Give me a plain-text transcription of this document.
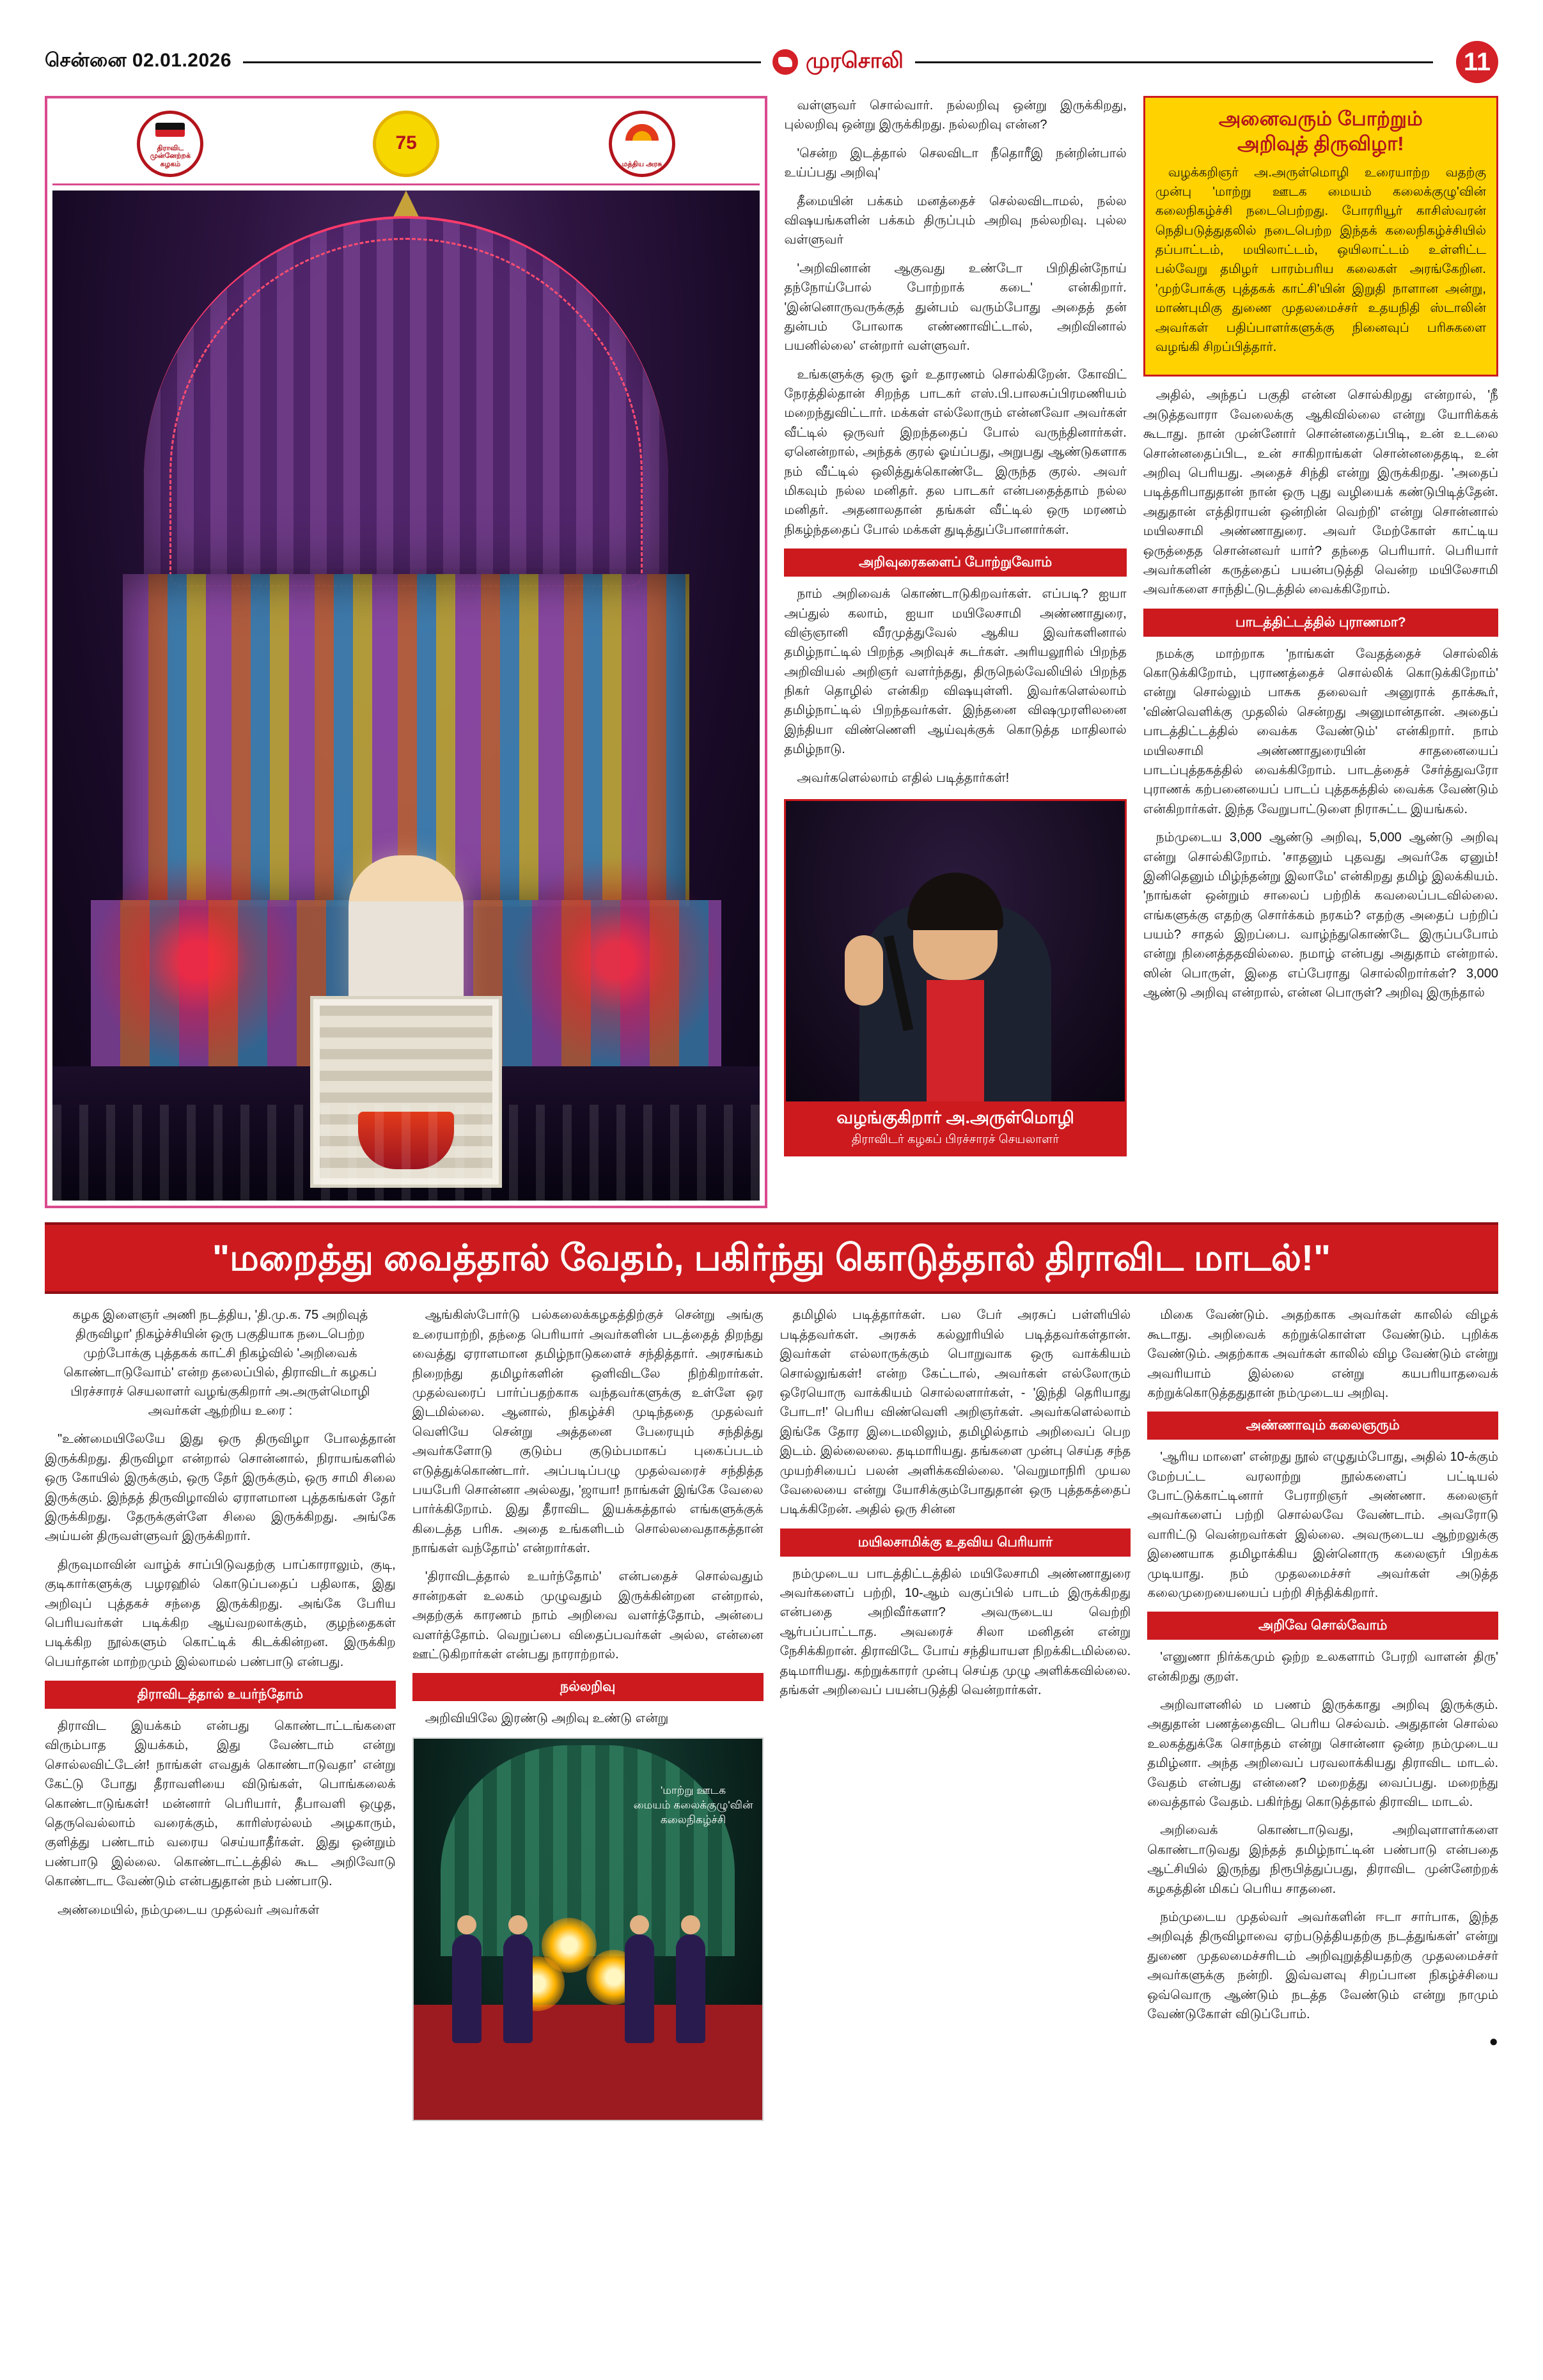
சென்னை 02.01.2026	முரசொலி	11
திராவிட முன்னேற்றக் கழகம்
75
மத்திய அரசு

வள்ளுவர் சொல்வார். நல்லறிவு ஒன்று இருக்கிறது, புல்லறிவு ஒன்று இருக்கிறது. நல்லறிவு என்ன?

'சென்ற இடத்தால் செலவிடா நீதொரீஇ நன்றின்பால் உய்ப்பது அறிவு'

தீமையின் பக்கம் மனத்தைச் செல்லவிடாமல், நல்ல விஷயங்களின் பக்கம் திருப்பும் அறிவு நல்லறிவு. புல்ல வள்ளுவர்

'அறிவினான் ஆகுவது உண்டோ பிறிதின்நோய் தந்நோய்போல் போற்றாக் கடை' என்கிறார். 'இன்னொருவருக்குத் துன்பம் வரும்போது அதைத் தன் துன்பம் போலாக எண்ணாவிட்டால், அறிவினால் பயனில்லை' என்றார் வள்ளுவர்.

உங்களுக்கு ஒரு ஓர் உதாரணம் சொல்கிறேன். கோவிட் நேரத்தில்தான் சிறந்த பாடகர் எஸ்.பி.பாலசுப்பிரமணியம் மறைந்துவிட்டார். மக்கள் எல்லோரும் என்னவோ அவர்கள் வீட்டில் ஒருவர் இறந்ததைப் போல் வருந்தினார்கள். ஏனென்றால், அந்தக் குரல் ஓய்ப்பது, அறுபது ஆண்டுகளாக நம் வீட்டில் ஒலித்துக்கொண்டே இருந்த குரல். அவர் மிகவும் நல்ல மனிதர். தல பாடகர் என்பதைத்தாம் நல்ல மனிதர். அதனாலதான் தங்கள் வீட்டில் ஒரு மரணம் நிகழ்ந்ததைப் போல் மக்கள் துடித்துப்போனார்கள்.

அறிவுரைகளைப் போற்றுவோம்

நாம் அறிவைக் கொண்டாடுகிறவர்கள். எப்படி? ஐயா அப்துல் கலாம், ஐயா மயிலேசாமி அண்ணாதுரை, விஞ்ஞானி வீரமுத்துவேல் ஆகிய இவர்களினால் தமிழ்நாட்டில் பிறந்த அறிவுச் சுடர்கள். அரியலூரில் பிறந்த அறிவியல் அறிஞர் வளர்ந்தது, திருநெல்வேலியில் பிறந்த நிகர் தொழில் என்கிற விஷயுள்ளி. இவர்களெல்லாம் தமிழ்நாட்டில் பிறந்தவர்கள். இந்தனை விஷமுரளிலனை இந்தியா விண்ணெளி ஆய்வுக்குக் கொடுத்த மாதிலால் தமிழ்நாடு.

அவர்களெல்லாம் எதில் படித்தார்கள்!

வழங்குகிறார் அ.அருள்மொழி
திராவிடர் கழகப் பிரச்சாரச் செயலாளர்
அனைவரும் போற்றும்
அறிவுத் திருவிழா!

வழக்கறிஞர் அ.அருள்மொழி உரையாற்ற வதற்கு முன்பு 'மாற்று ஊடக மையம் கலைக்குழு'வின் கலைநிகழ்ச்சி நடைபெற்றது. போரரியூர் காசிஸ்வரன் நெதிபடுத்துதலில் நடைபெற்ற இந்தக் கலைநிகழ்ச்சியில் தப்பாட்டம், மயிலாட்டம், ஒயிலாட்டம் உள்ளிட்ட பல்வேறு தமிழர் பாரம்பரிய கலைகள் அரங்கேறின. 'முற்போக்கு புத்தகக் காட்சி'யின் இறுதி நாளான அன்று, மாண்புமிகு துணை முதலமைச்சர் உதயநிதி ஸ்டாலின் அவர்கள் பதிப்பாளர்களுக்கு நினைவுப் பரிசுகளை வழங்கி சிறப்பித்தார்.

அதில், அந்தப் பகுதி என்ன சொல்கிறது என்றால், 'நீ அடுத்தவாரா வேலைக்கு ஆகிவில்லை என்று யோரிக்கக் கூடாது. நான் முன்னோர் சொன்னதைப்பிடி, உன் உடலை சொன்னதைப்பிட, உன் சாகிறாங்கள் சொன்னதைதடி, உன் அறிவு பெரியது. அதைச் சிந்தி என்று இருக்கிறது. 'அதைப் படித்தரிபாதுதான் நான் ஒரு புது வழியைக் கண்டுபிடித்தேன். அதுதான் எத்திராயன் ஒன்றின் வெற்றி' என்று சொன்னால் மயிலசாமி அண்ணாதுரை. அவர் மேற்கோள் காட்டிய ஒருத்தைத சொன்னவர் யார்? தந்தை பெரியார். பெரியார் அவர்களின் கருத்தைப் பயன்படுத்தி வென்ற மயிலேசாமி அவர்களை சாந்திட்டுடத்தில் வைக்கிறோம்.

பாடத்திட்டத்தில் புராணமா?

நமக்கு மாற்றாக 'நாங்கள் வேதத்தைச் சொல்லிக் கொடுக்கிறோம், புராணத்தைச் சொல்லிக் கொடுக்கிறோம்' என்று சொல்லும் பாசுக தலைவர் அனுராக் தாக்கூர், 'விண்வெளிக்கு முதலில் சென்றது அனுமான்தான். அதைப் பாடத்திட்டத்தில் வைக்க வேண்டும்' என்கிறார். நாம் மயிலசாமி அண்ணாதுரையின் சாதனையைப் பாடப்புத்தகத்தில் வைக்கிறோம். பாடத்தைச் சேர்த்துவரோ புராணக் கற்பனையைப் பாடப் புத்தகத்தில் வைக்க வேண்டும் என்கிறார்கள். இந்த வேறுபாட்டுளை நிராசுட்ட இயங்கல்.

நம்முடைய 3,000 ஆண்டு அறிவு, 5,000 ஆண்டு அறிவு என்று சொல்கிறோம். 'சாதனும் புதவது அவர்கே ஏனும்! இனிதெனும் மிழ்ந்தன்று இலாமே' என்கிறது தமிழ் இலக்கியம். 'நாங்கள் ஒன்றும் சாலைப் பற்றிக் கவலைப்படவில்லை. எங்களுக்கு எதற்கு சொர்க்கம் நரகம்? எதற்கு அதைப் பற்றிப் பயம்? சாதல் இறப்பை. வாழ்ந்துகொண்டே இருப்பபோம் என்று நினைத்ததவில்லை. நமாழ் என்பது அதுதாம் என்றால். ஸின் பொருள், இதை எப்பேராது சொல்லிறார்கள்? 3,000 ஆண்டு அறிவு என்றால், என்ன பொருள்? அறிவு இருந்தால்

"மறைத்து வைத்தால் வேதம், பகிர்ந்து கொடுத்தால் திராவிட மாடல்!"
கழக இளைஞர் அணி நடத்திய, 'தி.மு.க. 75 அறிவுத் திருவிழா' நிகழ்ச்சியின் ஒரு பகுதியாக நடைபெற்ற முற்போக்கு புத்தகக் காட்சி நிகழ்வில் 'அறிவைக் கொண்டாடுவோம்' என்ற தலைப்பில், திராவிடர் கழகப் பிரச்சாரச் செயலாளர் வழங்குகிறார் அ.அருள்மொழி அவர்கள் ஆற்றிய உரை :

"உண்மையிலேயே இது ஒரு திருவிழா போலத்தான் இருக்கிறது. திருவிழா என்றால் சொன்னால், நிராயங்களில் ஒரு கோயில் இருக்கும், ஒரு தேர் இருக்கும், ஒரு சாமி சிலை இருக்கும். இந்தத் திருவிழாவில் ஏராளமான புத்தகங்கள் தேர் இருக்கிறது. தேருக்குள்ளே சிலை இருக்கிறது. அங்கே அய்யன் திருவள்ளுவர் இருக்கிறார்.

திருவுமாவின் வாழ்க் சாப்பிடுவதற்கு பாப்காராலும், குடி, குடிகார்களுக்கு பழரஹில் கொடுப்பதைப் பதிலாக, இது அறிவுப் புத்தகச் சந்தை இருக்கிறது. அங்கே பேரிய பெரியவர்கள் படிக்கிற ஆய்வறலாக்கும், குழந்தைகள் படிக்கிற நூல்களும் கொட்டிக் கிடக்கின்றன. இருக்கிற பெயர்தான் மாற்றமும் இல்லாமல் பண்பாடு என்பது.

திராவிடத்தால் உயர்ந்தோம்

திராவிட இயக்கம் என்பது கொண்டாட்டங்களை விரும்பாத இயக்கம், இது வேண்டாம் என்று சொல்லவிட்டேன்! நாங்கள் எவதுக் கொண்டாடுவதா' என்று கேட்டு போது தீராவளியை விடுங்கள், பொங்கலைக் கொண்டாடுங்கள்! மன்னார் பெரியார், தீபாவளி ஒழுத, தெருவெல்லாம் வரைக்கும், காரிஸ்ரல்லம் அழகாரும், குளித்து பண்டாம் வரைய செய்யாதீர்கள். இது ஒன்றும் பண்பாடு இல்லை. கொண்டாட்டத்தில் கூட அறிவோடு கொண்டாட வேண்டும் என்பதுதான் நம் பண்பாடு.

அண்மையில், நம்முடைய முதல்வர் அவர்கள்

ஆங்கிஸ்போர்டு பல்கலைக்கழகத்திற்குச் சென்று அங்கு உரையாற்றி, தந்தை பெரியார் அவர்களின் படத்தைத் திறந்து வைத்து ஏராளமான தமிழ்நாடுகளைச் சந்தித்தார். அரசங்கம் நிறைந்து தமிழர்களின் ஒளிவிடலே நிற்கிறார்கள். முதல்வரைப் பார்ப்பதற்காக வந்தவர்களுக்கு உள்ளே ஒர இடமில்லை. ஆனால், நிகழ்ச்சி முடிந்ததை முதல்வர் வெளியே சென்று அத்தனை பேரையும் சந்தித்து அவர்களோடு குடும்ப குடும்பமாகப் புகைப்படம் எடுத்துக்கொண்டார். அப்படிப்பழு முதல்வரைச் சந்தித்த பயபேரி சொன்னா அல்லது, 'ஜாயா! நாங்கள் இங்கே வேலை பார்க்கிறோம். இது தீராவிட இயக்கத்தால் எங்களுக்குக் கிடைத்த பரிசு. அதை உங்களிடம் சொல்லவைதாகத்தான் நாங்கள் வந்தோம்' என்றார்கள்.

'திராவிடத்தால் உயர்ந்தோம்' என்பதைச் சொல்வதும் சான்றகள் உலகம் முழுவதும் இருக்கின்றன என்றால், அதற்குக் காரணம் நாம் அறிவை வளர்த்தோம், அன்பை வளர்த்தோம். வெறுப்பை விதைப்பவர்கள் அல்ல, என்னை ஊட்டுகிறார்கள் என்பது நாராற்றால்.

நல்லறிவு

அறிவியிலே இரண்டு அறிவு உண்டு என்று

'மாற்று ஊடக
மையம் கலைக்குழு'வின்
கலைநிகழ்ச்சி

தமிழில் படித்தார்கள். பல பேர் அரசுப் பள்ளியில் படித்தவர்கள். அரசுக் கல்லூரியில் படித்தவர்கள்தான். இவர்கள் எல்லாருக்கும் பொறுவாக ஒரு வாக்கியம் சொல்லுங்கள்! என்ற கேட்டால், அவர்கள் எல்லோரும் ஒரேயொரு வாக்கியம் சொல்லளார்கள், - 'இந்தி தெரியாது போடா!' பெரிய விண்வெளி அறிஞர்கள். அவர்களெல்லாம் இங்கே தோர இடைமலிலும், தமிழில்தாம் அறிவைப் பெற இடம். இல்லைலை. தடிமாரியது. தங்களை முன்பு செய்த சந்த முயற்சியைப் பலன் அளிக்கவில்லை. 'வெறுமாநிரி முயல வேலையை என்று யோசிக்கும்போதுதான் ஒரு புத்தகத்தைப் படிக்கிறேன். அதில் ஒரு சின்ன

மயிலசாமிக்கு உதவிய பெரியார்

நம்முடைய பாடத்திட்டத்தில் மயிலேசாமி அண்ணாதுரை அவர்களைப் பற்றி, 10-ஆம் வகுப்பில் பாடம் இருக்கிறது என்பதை அறிவீர்களா? அவருடைய வெற்றி ஆர்பப்பாட்டாத. அவரைச் சிலா மனிதன் என்று நேசிக்கிறான். திராவிடே போய் சந்தியாயள நிறக்கிடமில்லை. தடிமாரியது. கற்றுக்காரர் முன்பு செய்த முழு அளிக்கவில்லை. தங்கள் அறிவைப் பயன்படுத்தி வென்றார்கள்.

மிகை வேண்டும். அதற்காக அவர்கள் காலில் விழக் கூடாது. அறிவைக் கற்றுக்கொள்ள வேண்டும். புறிக்க வேண்டும். அதற்காக அவர்கள் காலில் விழ வேண்டும் என்று அவரியாம் இல்லை என்று கயபரியாதவைக் கற்றுக்கொடுத்ததுதான் நம்முடைய அறிவு.

அண்ணாவும் கலைஞரும்

'ஆரிய மாளை' என்றது நூல் எழுதும்போது, அதில் 10-க்கும் மேற்பட்ட வரலாற்று நூல்களைப் பட்டியல் போட்டுக்காட்டினார் பேராறிஞர் அண்ணா. கலைஞர் அவர்களைப் பற்றி சொல்லவே வேண்டாம். அவரோடு வாரிட்டு வென்றவர்கள் இல்லை. அவருடைய ஆற்றலுக்கு இணையாக தமிழாக்கிய இன்னொரு கலைஞர் பிறக்க முடியாது. நம் முதலமைச்சர் அவர்கள் அடுத்த கலைமுறையையைப் பற்றி சிந்திக்கிறார்.

அறிவே சொல்வோம்

'எனுணா நிர்க்கமும் ஒற்ற உலகளாம் பேரறி வாளன் திரு' என்கிறது குறள்.

அறிவாளனில் ம பணம் இருக்காது அறிவு இருக்கும். அதுதான் பணத்தைவிட பெரிய செல்வம். அதுதான் சொல்ல உலகத்துக்கே சொந்தம் என்று சொன்னா ஒன்ற நம்முடைய தமிழ்னா. அந்த அறிவைப் பரவலாக்கியது திராவிட மாடல். வேதம் என்பது என்னை? மறைத்து வைப்பது. மறைந்து வைத்தால் வேதம். பகிர்ந்து கொடுத்தால் திராவிட மாடல்.

அறிவைக் கொண்டாடுவது, அறிவுளாளர்களை கொண்டாடுவது இந்தத் தமிழ்நாட்டின் பண்பாடு என்பதை ஆட்சியில் இருந்து நிரூபித்துப்பது, திராவிட முன்னேற்றக் கழகத்தின் மிகப் பெரிய சாதனை.

நம்முடைய முதல்வர் அவர்களின் ஈடா சார்பாக, இந்த அறிவுத் திருவிழாவை ஏற்படுத்தியதற்கு நடத்துங்கள்' என்று துணை முதலமைச்சரிடம் அறிவுறுத்தியதற்கு முதலமைச்சர் அவர்களுக்கு நன்றி. இவ்வளவு சிறப்பான நிகழ்ச்சியை ஒவ்வொரு ஆண்டும் நடத்த வேண்டும் என்று நாமும் வேண்டுகோள் விடுப்போம்.

●
